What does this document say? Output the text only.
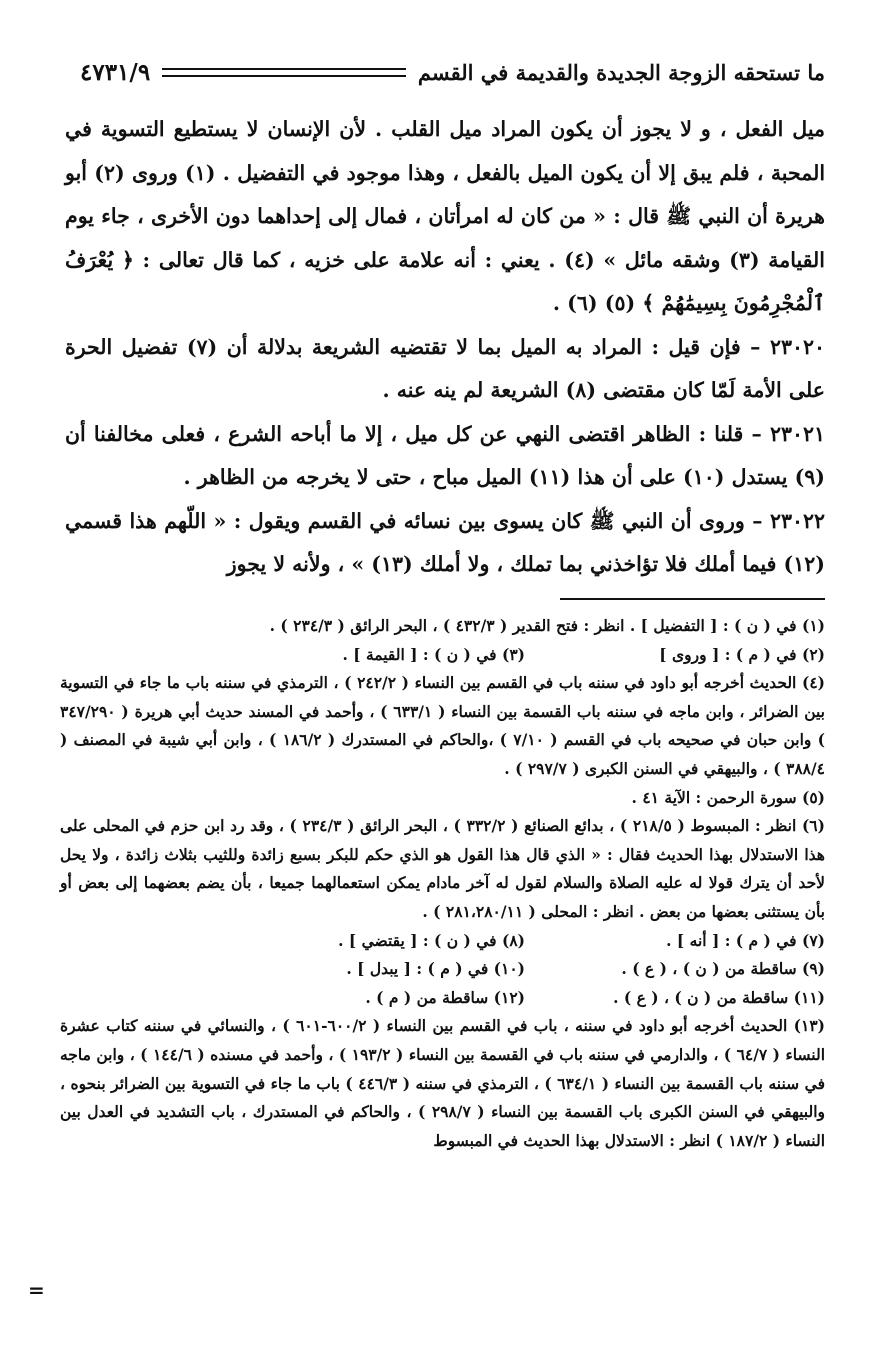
ما تستحقه الزوجة الجديدة والقديمة في القسم
٤٧٣١/٩

ميل الفعل ، و لا يجوز أن يكون المراد ميل القلب . لأن الإنسان لا يستطيع التسوية في المحبة ، فلم يبق إلا أن يكون الميل بالفعل ، وهذا موجود في التفضيل . (١) وروى (٢) أبو هريرة أن النبي ﷺ قال : « من كان له امرأتان ، فمال إلى إحداهما دون الأخرى ، جاء يوم القيامة (٣) وشقه مائل » (٤) . يعني : أنه علامة على خزيه ، كما قال تعالى : ﴿ يُعْرَفُ ٱلْمُجْرِمُونَ بِسِيمَٰهُمْ ﴾ (٥) (٦) .

٢٣٠٢٠ – فإن قيل : المراد به الميل بما لا تقتضيه الشريعة بدلالة أن (٧) تفضيل الحرة على الأمة لَمّا كان مقتضى (٨) الشريعة لم ينه عنه .

٢٣٠٢١ – قلنا : الظاهر اقتضى النهي عن كل ميل ، إلا ما أباحه الشرع ، فعلى مخالفنا أن (٩) يستدل (١٠) على أن هذا (١١) الميل مباح ، حتى لا يخرجه من الظاهر .

٢٣٠٢٢ – وروى أن النبي ﷺ كان يسوى بين نسائه في القسم ويقول : « اللّهم هذا قسمي (١٢) فيما أملك فلا تؤاخذني بما تملك ، ولا أملك (١٣) » ، ولأنه لا يجوز

(١) في ( ن ) : [ التفضيل ] . انظر : فتح القدير ( ٤٣٢/٣ ) ، البحر الرائق ( ٢٣٤/٣ ) .

(٢) في ( م ) : [ وروى ]
(٣) في ( ن ) : [ القيمة ] .

(٤) الحديث أخرجه أبو داود في سننه باب في القسم بين النساء ( ٢٤٢/٢ ) ، الترمذي في سننه باب ما جاء في التسوية بين الضرائر ، وابن ماجه في سننه باب القسمة بين النساء ( ٦٣٣/١ ) ، وأحمد في المسند حديث أبي هريرة ( ٣٤٧/٢٩٠ ) وابن حبان في صحيحه باب في القسم ( ٧/١٠ ) ،والحاكم في المستدرك ( ١٨٦/٢ ) ، وابن أبي شيبة في المصنف ( ٣٨٨/٤ ) ، والبيهقي في السنن الكبرى ( ٢٩٧/٧ ) .

(٥) سورة الرحمن : الآية ٤١ .

(٦) انظر : المبسوط ( ٢١٨/٥ ) ، بدائع الصنائع ( ٣٣٢/٢ ) ، البحر الرائق ( ٢٣٤/٣ ) ، وقد رد ابن حزم في المحلى على هذا الاستدلال بهذا الحديث فقال : « الذي قال هذا القول هو الذي حكم للبكر بسبع زائدة وللثيب بثلاث زائدة ، ولا يحل لأحد أن يترك قولا له عليه الصلاة والسلام لقول له آخر مادام يمكن استعمالهما جميعا ، بأن يضم بعضهما إلى بعض أو بأن يستثنى بعضها من بعض . انظر : المحلى ( ٢٨١،٢٨٠/١١ ) .

(٧) في ( م ) : [ أنه ] .
(٨) في ( ن ) : [ يقتضي ] .
(٩) ساقطة من ( ن ) ، ( ع ) .
(١٠) في ( م ) : [ يبدل ] .
(١١) ساقطة من ( ن ) ، ( ع ) .
(١٢) ساقطة من ( م ) .

(١٣) الحديث أخرجه أبو داود في سننه ، باب في القسم بين النساء ( ٦٠٠/٢-٦٠١ ) ، والنسائي في سننه كتاب عشرة النساء ( ٦٤/٧ ) ، والدارمي في سننه باب في القسمة بين النساء ( ١٩٣/٢ ) ، وأحمد في مسنده ( ١٤٤/٦ ) ، وابن ماجه في سننه باب القسمة بين النساء ( ٦٣٤/١ ) ، الترمذي في سننه ( ٤٤٦/٣ ) باب ما جاء في التسوية بين الضرائر بنحوه ، والبيهقي في السنن الكبرى باب القسمة بين النساء ( ٢٩٨/٧ ) ، والحاكم في المستدرك ، باب التشديد في العدل بين النساء ( ١٨٧/٢ ) انظر : الاستدلال بهذا الحديث في المبسوط

=
